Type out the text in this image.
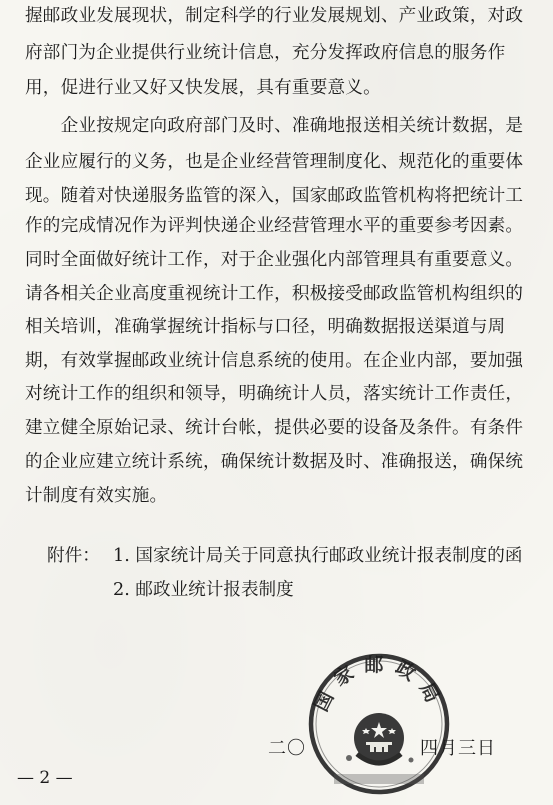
握邮政业发展现状，制定科学的行业发展规划、产业政策，对政
府部门为企业提供行业统计信息，充分发挥政府信息的服务作
用，促进行业又好又快发展，具有重要意义。
　　企业按规定向政府部门及时、准确地报送相关统计数据，是
企业应履行的义务，也是企业经营管理制度化、规范化的重要体
现。随着对快递服务监管的深入，国家邮政监管机构将把统计工
作的完成情况作为评判快递企业经营管理水平的重要参考因素。
同时全面做好统计工作，对于企业强化内部管理具有重要意义。
请各相关企业高度重视统计工作，积极接受邮政监管机构组织的
相关培训，准确掌握统计指标与口径，明确数据报送渠道与周
期，有效掌握邮政业统计信息系统的使用。在企业内部，要加强
对统计工作的组织和领导，明确统计人员，落实统计工作责任，
建立健全原始记录、统计台帐，提供必要的设备及条件。有条件
的企业应建立统计系统，确保统计数据及时、准确报送，确保统
计制度有效实施。
附件： 1. 国家统计局关于同意执行邮政业统计报表制度的函
2. 邮政业统计报表制度
国家邮政局
二〇　　　　　　四月三日
— 2 —
